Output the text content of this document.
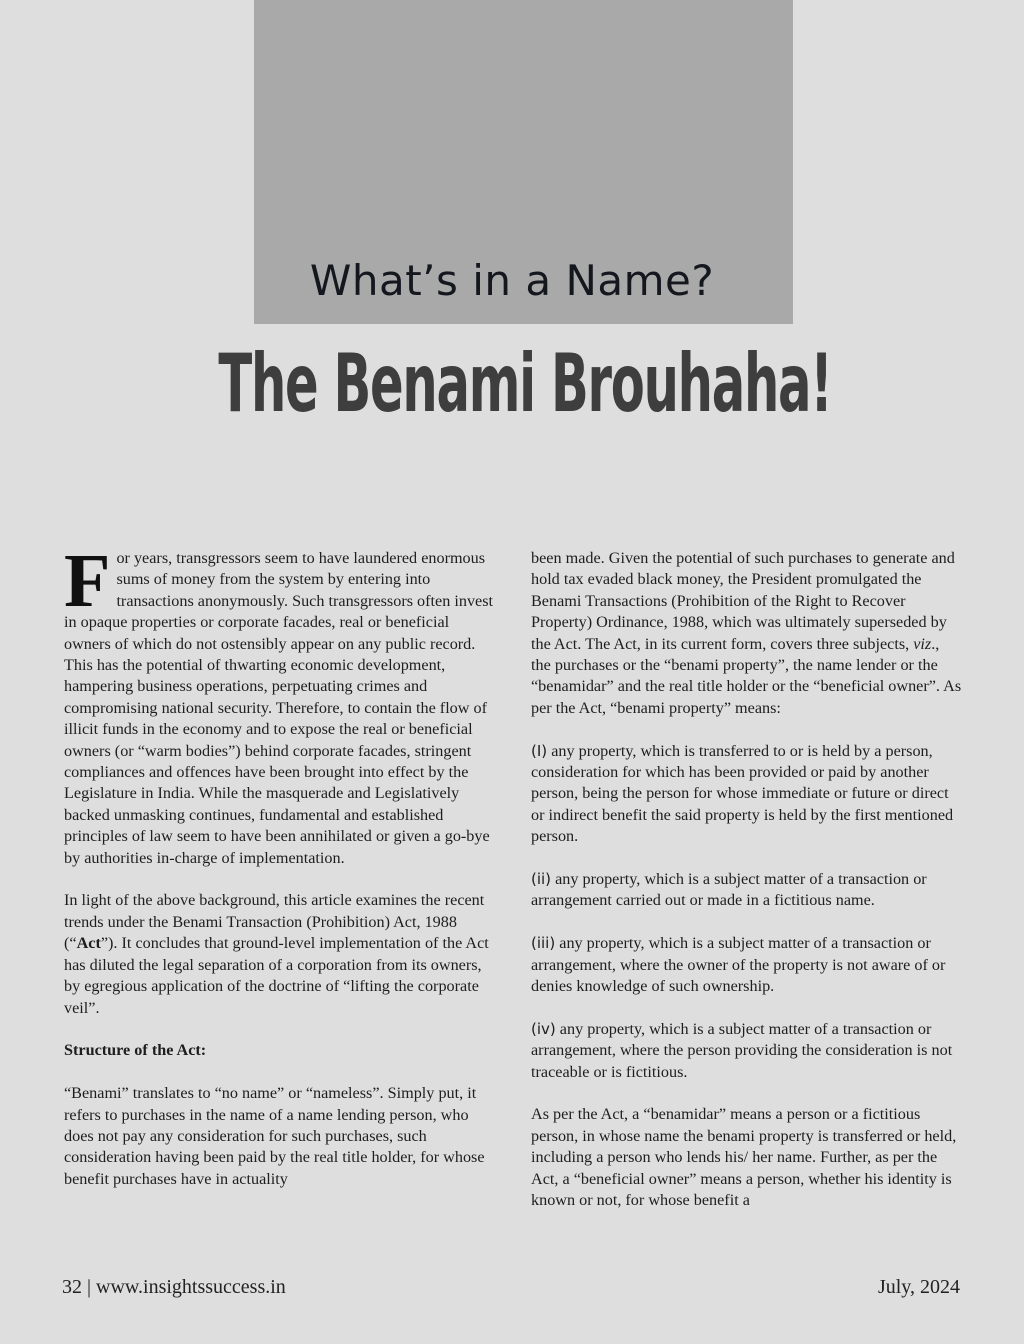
What’s in a Name?
The Benami Brouhaha!

For years, transgressors seem to have laundered enormous sums of money from the system by entering into transactions anonymously. Such transgressors often invest in opaque properties or corporate facades, real or beneficial owners of which do not ostensibly appear on any public record. This has the potential of thwarting economic development, hampering business operations, perpetuating crimes and compromising national security. Therefore, to contain the flow of illicit funds in the economy and to expose the real or beneficial owners (or “warm bodies”) behind corporate facades, stringent compliances and offences have been brought into effect by the Legislature in India. While the masquerade and Legislatively backed unmasking continues, fundamental and established principles of law seem to have been annihilated or given a go-bye by authorities in-charge of implementation.

In light of the above background, this article examines the recent trends under the Benami Transaction (Prohibition) Act, 1988 (“Act”). It concludes that ground-level implementation of the Act has diluted the legal separation of a corporation from its owners, by egregious application of the doctrine of “lifting the corporate veil”.

Structure of the Act:

“Benami” translates to “no name” or “nameless”. Simply put, it refers to purchases in the name of a name lending person, who does not pay any consideration for such purchases, such consideration having been paid by the real title holder, for whose benefit purchases have in actuality

been made. Given the potential of such purchases to generate and hold tax evaded black money, the President promulgated the Benami Transactions (Prohibition of the Right to Recover Property) Ordinance, 1988, which was ultimately superseded by the Act. The Act, in its current form, covers three subjects, viz., the purchases or the “benami property”, the name lender or the “benamidar” and the real title holder or the “beneficial owner”. As per the Act, “benami property” means:

(I) any property, which is transferred to or is held by a person, consideration for which has been provided or paid by another person, being the person for whose immediate or future or direct or indirect benefit the said property is held by the first mentioned person.

(ii) any property, which is a subject matter of a transaction or arrangement carried out or made in a fictitious name.

(iii) any property, which is a subject matter of a transaction or arrangement, where the owner of the property is not aware of or denies knowledge of such ownership.

(iv) any property, which is a subject matter of a transaction or arrangement, where the person providing the consideration is not traceable or is fictitious.

As per the Act, a “benamidar” means a person or a fictitious person, in whose name the benami property is transferred or held, including a person who lends his/ her name. Further, as per the Act, a “beneficial owner” means a person, whether his identity is known or not, for whose benefit a

32 | www.insightssuccess.in	July, 2024
